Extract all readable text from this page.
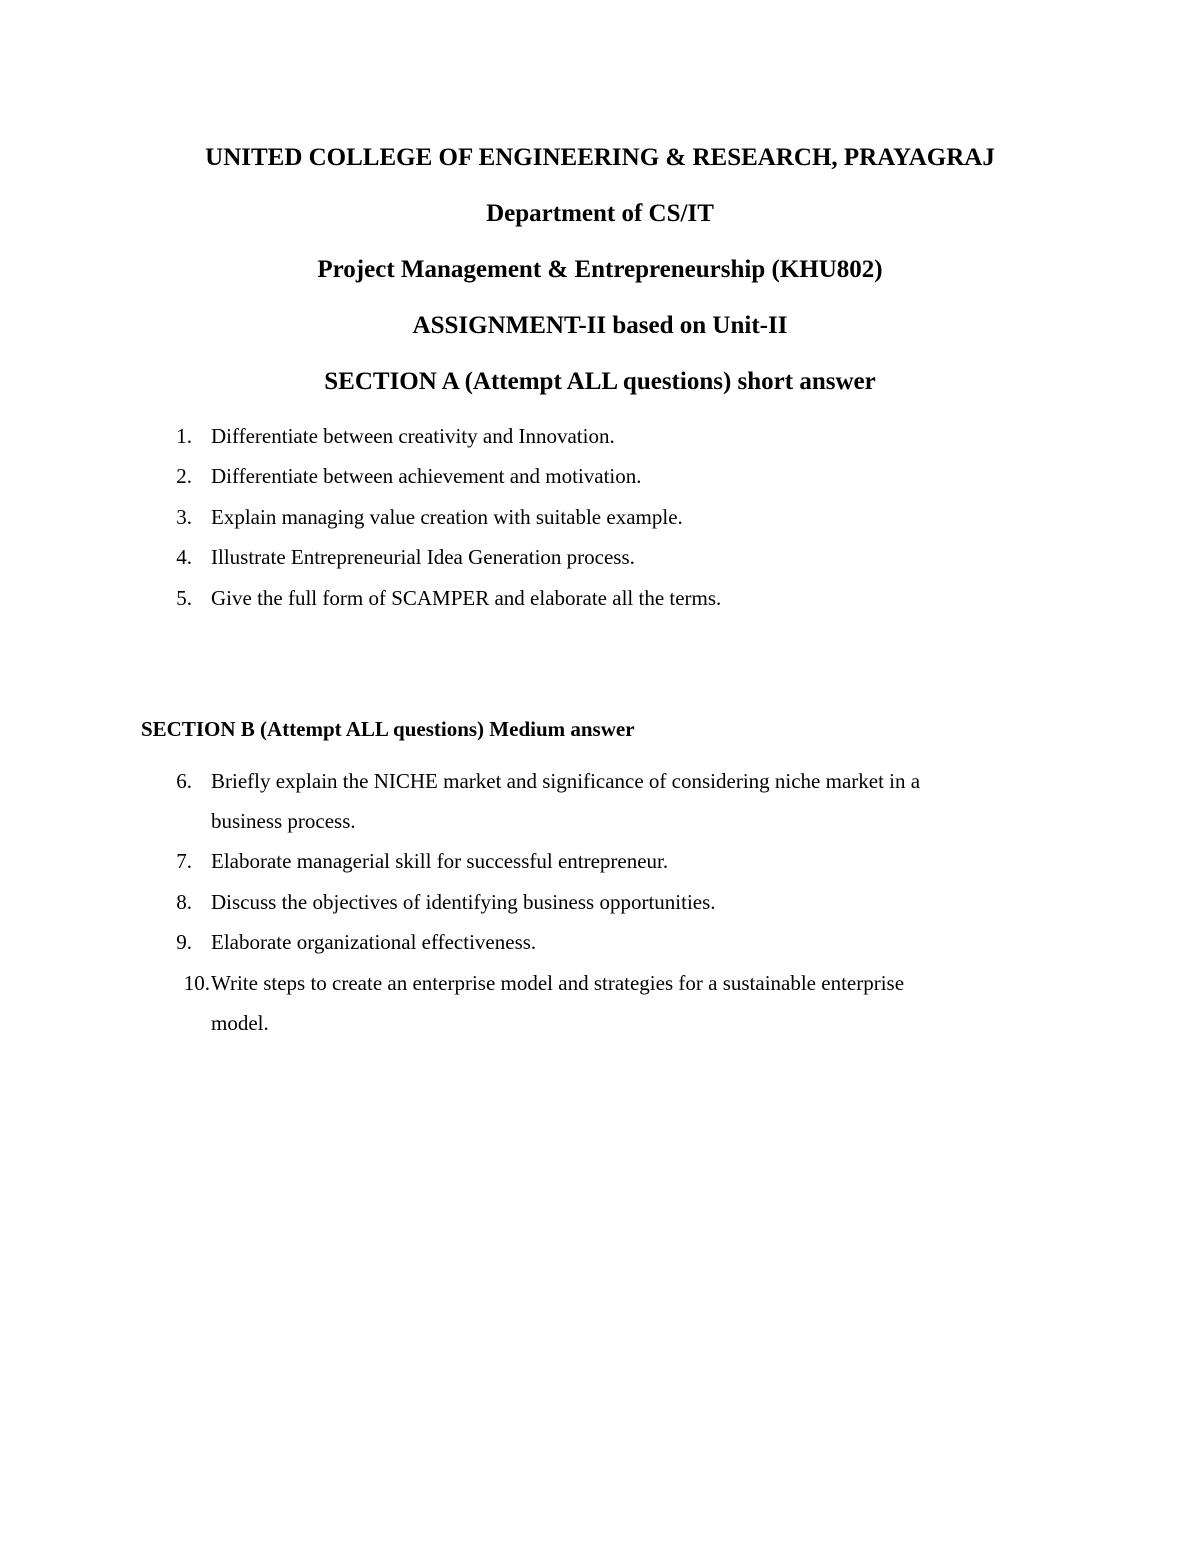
UNITED COLLEGE OF ENGINEERING & RESEARCH, PRAYAGRAJ
Department of CS/IT
Project Management & Entrepreneurship (KHU802)
ASSIGNMENT-II based on Unit-II
SECTION A (Attempt ALL questions) short answer
1. Differentiate between creativity and Innovation.
2. Differentiate between achievement and motivation.
3. Explain managing value creation with suitable example.
4. Illustrate Entrepreneurial Idea Generation process.
5. Give the full form of SCAMPER and elaborate all the terms.
SECTION B (Attempt ALL questions) Medium answer
6. Briefly explain the NICHE market and significance of considering niche market in a
business process.
7. Elaborate managerial skill for successful entrepreneur.
8. Discuss the objectives of identifying business opportunities.
9. Elaborate organizational effectiveness.
10. Write steps to create an enterprise model and strategies for a sustainable enterprise
model.
